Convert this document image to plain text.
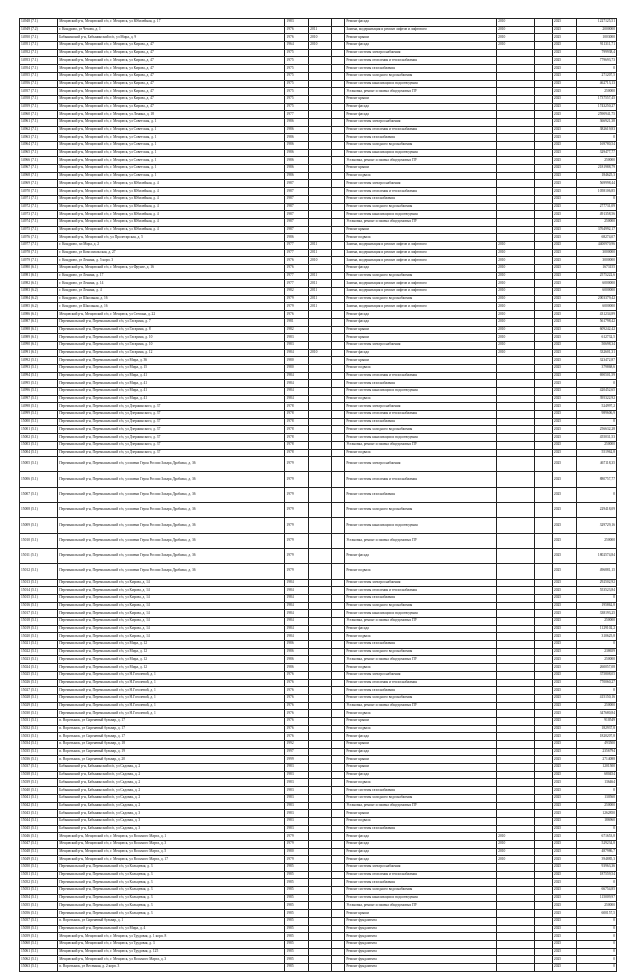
14948 (7.1)	Мещовский р-н, Мещовский г/п, г. Мещовск, ул Юбилейная, д. 17	1983			Ремонт фасада	2010		2025	1227125,51
14949 (7.2)	г. Кондрово, ул Чехова, д. 1	1976	2011		Замена, модернизация и ремонт лифтов и лифтового	2010		2025	2000000
14950 (7.1)	Бабынинский р-н, Бабынинский п/п, ул Мира, д. 9	1976	2010		Ремонт крыши	2010		2025	1003000
14951 (7.1)	Мещовский р-н, Мещовский г/п, г. Мещовск, ул Кирова, д. 47	1964	2010		Ремонт фасада	2010		2025	911311,71
14952 (7.1)	Мещовский р-н, Мещовский г/п, г. Мещовск, ул Кирова, д. 47	1975			Ремонт системы электроснабжения			2025	799938,4
14953 (7.1)	Мещовский р-н, Мещовский г/п, г. Мещовск, ул Кирова, д. 47	1975			Ремонт системы отопления и теплоснабжения			2025	779693,73
14954 (7.1)	Мещовский р-н, Мещовский г/п, г. Мещовск, ул Кирова, д. 47	1975			Ремонт системы газоснабжения			2025	0
14955 (7.1)	Мещовский р-н, Мещовский г/п, г. Мещовск, ул Кирова, д. 47	1975			Ремонт системы холодного водоснабжения			2025	271207,5
14956 (7.1)	Мещовский р-н, Мещовский г/п, г. Мещовск, ул Кирова, д. 47	1975			Ремонт системы канализации и водоотведения			2025	462713,13
14957 (7.1)	Мещовский р-н, Мещовский г/п, г. Мещовск, ул Кирова, д. 47	1975			Установка, ремонт и замена общедомовых ПУ			2025	250000
14958 (7.1)	Мещовский р-н, Мещовский г/п, г. Мещовск, ул Кирова, д. 47	1975			Ремонт крыши			2025	1737557,45
14959 (7.1)	Мещовский р-н, Мещовский г/п, г. Мещовск, ул Кирова, д. 47	1975			Ремонт фасада			2025	1743250,27
14960 (7.1)	Мещовский р-н, Мещовский г/п, г. Мещовск, ул Ленина, д. 18	1977			Ремонт фасада			2025	2590941,75
14961 (7.1)	Мещовский р-н, Мещовский г/п, г. Мещовск, ул Советская, д. 1	1986			Ремонт системы электроснабжения			2025	366921,38
14962 (7.1)	Мещовский р-н, Мещовский г/п, г. Мещовск, ул Советская, д. 1	1986			Ремонт системы отопления и теплоснабжения			2025	382619,83
14963 (7.1)	Мещовский р-н, Мещовский г/п, г. Мещовск, ул Советская, д. 1	1986			Ремонт системы газоснабжения			2025	0
14964 (7.1)	Мещовский р-н, Мещовский г/п, г. Мещовск, ул Советская, д. 1	1986			Ремонт системы холодного водоснабжения			2025	169780,54
14965 (7.1)	Мещовский р-н, Мещовский г/п, г. Мещовск, ул Советская, д. 1	1986			Ремонт системы канализации и водоотведения			2025	329477,77
14966 (7.1)	Мещовский р-н, Мещовский г/п, г. Мещовск, ул Советская, д. 1	1986			Установка, ремонт и замена общедомовых ПУ			2025	250000
14967 (7.1)	Мещовский р-н, Мещовский г/п, г. Мещовск, ул Советская, д. 1	1986			Ремонт крыши			2025	2181988,79
14968 (7.1)	Мещовский р-н, Мещовский г/п, г. Мещовск, ул Советская, д. 1	1986			Ремонт подвала			2025	184625,3
14969 (7.1)	Мещовский р-н, Мещовский г/п, г. Мещовск, ул Юбилейная, д. 4	1987			Ремонт системы электроснабжения			2025	569998,44
14970 (7.1)	Мещовский р-н, Мещовский г/п, г. Мещовск, ул Юбилейная, д. 4	1987			Ремонт системы отопления и теплоснабжения			2025	1058106,85
14971 (7.1)	Мещовский р-н, Мещовский г/п, г. Мещовск, ул Юбилейная, д. 4	1987			Ремонт системы газоснабжения			2025	0
14972 (7.1)	Мещовский р-н, Мещовский г/п, г. Мещовск, ул Юбилейная, д. 4	1987			Ремонт системы холодного водоснабжения			2025	277731,09
14973 (7.1)	Мещовский р-н, Мещовский г/п, г. Мещовск, ул Юбилейная, д. 4	1987			Ремонт системы канализации и водоотведения			2025	491358,56
14974 (7.1)	Мещовский р-н, Мещовский г/п, г. Мещовск, ул Юбилейная, д. 4	1987			Установка, ремонт и замена общедомовых ПУ			2025	250000
14975 (7.1)	Мещовский р-н, Мещовский г/п, г. Мещовск, ул Юбилейная, д. 4	1987			Ремонт крыши			2025	3764992,17
14976 (7.1)	Мещовский р-н, Мещовский г/п, ул Пролетарская, д. 5	1986			Ремонт подвала			2025	68274,07
14977 (7.1)	г. Кондрово, пл Мира, д. 2	1977	2011		Замена, модернизация и ремонт лифтов и лифтового	2010		2025	4400970,96
14978 (7.1)	г. Кондрово, ул Комсомольская, д. 27	1977	2011		Замена, модернизация и ремонт лифтов и лифтового	2010		2025	3000000
14979 (7.1)	г. Кондрово, ул Ленина, д. 5 корп. 3	1976	2010		Замена, модернизация и ремонт лифтов и лифтового	2010		2025	3000000
14980 (6.1)	Мещовский р-н, Мещовский г/п, г. Мещовск, ул Фрунзе, д. 16	1976			Ремонт фасада	2010		2025	1673155
14981 (6.1)	г. Кондрово, ул Ленина, д. 17	1977	2011		Ремонт системы холодного водоснабжения	2010		2025	2575222,6
14982 (6.1)	г. Кондрово, ул Ленина, д. 14	1977	2011		Замена, модернизация и ремонт лифтов и лифтового	2010		2025	6000000
14983 (6.2)	г. Кондрово, ул Ленина, д. 4	1982	2011		Замена, модернизация и ремонт лифтов и лифтового	2010		2025	6000000
14984 (6.2)	г. Кондрово, ул Школьная, д. 16	1979	2011		Ремонт системы холодного водоснабжения	2010		2025	2003379,42
14985 (6.2)	г. Кондрово, ул Школьная, д. 16	1979	2011		Замена, модернизация и ремонт лифтов и лифтового	2010		2025	6000000
14986 (6.1)	Мещовский р-н, Мещовский г/п, г. Мещовск, ул Степана, д. 22	1976			Ремонт фасада	2010		2025	431234,89
14987 (6.1)	Перемышльский р-н, Перемышльский г/п, ул Гагарина, д. 7	1981			Ремонт фасада	2010		2025	561798,42
14988 (6.1)	Перемышльский р-н, Перемышльский г/п, ул Гагарина, д. 8	1982			Ремонт крыши	2010		2025	609242,42
14989 (6.1)	Перемышльский р-н, Перемышльский г/п, ул Гагарина, д. 10	1983			Ремонт крыши	2010		2025	612732,5
14990 (6.1)	Перемышльский р-н, Перемышльский г/п, ул Гагарина, д. 10	1983			Ремонт системы электроснабжения	2010		2025	50698,34
14991 (6.1)	Перемышльский р-н, Перемышльский г/п, ул Гагарина, д. 12	1984	2010		Ремонт фасада	2010		2025	332601,31
14992 (5.1)	Перемышльский р-н, Перемышльский г/п, ул Мира, д. 36	1980			Ремонт крыши			2025	323472,87
14993 (5.1)	Перемышльский р-н, Перемышльский г/п, ул Мира, д. 15	1980			Ремонт подвала			2025	379868,6
14994 (5.1)	Перемышльский р-н, Перемышльский г/п, ул Мира, д. 41	1984			Ремонт системы отопления и теплоснабжения			2025	690501,59
14995 (5.1)	Перемышльский р-н, Перемышльский г/п, ул Мира, д. 41	1984			Ремонт системы газоснабжения			2025	0
14996 (5.1)	Перемышльский р-н, Перемышльский г/п, ул Мира, д. 41	1984			Ремонт системы канализации и водоотведения			2025	420452,65
14997 (5.1)	Перемышльский р-н, Перемышльский г/п, ул Мира, д. 41	1984			Ремонт подвала			2025	395322,92
14998 (5.1)	Перемышльский р-н, Перемышльский г/п, ул Дзержинского, д. 37	1978			Ремонт системы электроснабжения			2025	524997,2
14999 (5.1)	Перемышльский р-н, Перемышльский г/п, ул Дзержинского, д. 37	1978			Ремонт системы отопления и теплоснабжения			2025	989606,9
15000 (5.1)	Перемышльский р-н, Перемышльский г/п, ул Дзержинского, д. 37	1978			Ремонт системы газоснабжения			2025	0
15001 (5.1)	Перемышльский р-н, Перемышльский г/п, ул Дзержинского, д. 37	1978			Ремонт системы холодного водоснабжения			2025	256632,28
15002 (5.1)	Перемышльский р-н, Перемышльский г/п, ул Дзержинского, д. 37	1978			Ремонт системы канализации и водоотведения			2025	455031,53
15003 (5.1)	Перемышльский р-н, Перемышльский г/п, ул Дзержинского, д. 37	1978			Установка, ремонт и замена общедомовых ПУ			2025	250000
15004 (5.1)	Перемышльский р-н, Перемышльский г/п, ул Дзержинского, д. 37	1978			Ремонт подвала			2025	551962,8
15005 (5.1)	Перемышльский р-н, Перемышльский г/п, ул имени Героя России Захара Дробязко, д. 36	1979			Ремонт системы электроснабжения			2025	467118,35
15006 (5.1)	Перемышльский р-н, Перемышльский г/п, ул имени Героя России Захара Дробязко, д. 36	1979			Ремонт системы отопления и теплоснабжения			2025	880757,77
15007 (5.1)	Перемышльский р-н, Перемышльский г/п, ул имени Героя России Захара Дробязко, д. 36	1979			Ремонт системы газоснабжения			2025	0
15008 (5.1)	Перемышльский р-н, Перемышльский г/п, ул имени Героя России Захара Дробязко, д. 36	1979			Ремонт системы холодного водоснабжения			2025	229418,09
15009 (5.1)	Перемышльский р-н, Перемышльский г/п, ул имени Героя России Захара Дробязко, д. 36	1979			Ремонт системы канализации и водоотведения			2025	329729,16
15010 (5.1)	Перемышльский р-н, Перемышльский г/п, ул имени Героя России Захара Дробязко, д. 36	1979			Установка, ремонт и замена общедомовых ПУ			2025	250000
15011 (5.1)	Перемышльский р-н, Перемышльский г/п, ул имени Героя России Захара Дробязко, д. 36	1979			Ремонт фасада			2025	1802574,84
15012 (5.1)	Перемышльский р-н, Перемышльский г/п, ул имени Героя России Захара Дробязко, д. 36	1979			Ремонт подвала			2025	496881,15
15013 (5.1)	Перемышльский р-н, Перемышльский г/п, ул Кирова, д. 14	1984			Ремонт системы электроснабжения			2025	292502,92
15014 (5.1)	Перемышльский р-н, Перемышльский г/п, ул Кирова, д. 14	1984			Ремонт системы отопления и теплоснабжения			2025	553523,84
15015 (5.1)	Перемышльский р-н, Перемышльский г/п, ул Кирова, д. 14	1984			Ремонт системы газоснабжения			2025	0
15016 (5.1)	Перемышльский р-н, Перемышльский г/п, ул Кирова, д. 14	1984			Ремонт системы холодного водоснабжения			2025	195862,8
15017 (5.1)	Перемышльский р-н, Перемышльский г/п, ул Кирова, д. 14	1984			Ремонт системы канализации и водоотведения			2025	338193,25
15018 (5.1)	Перемышльский р-н, Перемышльский г/п, ул Кирова, д. 14	1984			Установка, ремонт и замена общедомовых ПУ			2025	250000
15019 (5.1)	Перемышльский р-н, Перемышльский г/п, ул Кирова, д. 14	1984			Ремонт фасада			2025	1129102,2
15020 (5.1)	Перемышльский р-н, Перемышльский г/п, ул Кирова, д. 14	1984			Ремонт подвала			2025	310625,8
15021 (5.1)	Перемышльский р-н, Перемышльский г/п, ул Мира, д. 12	1986			Ремонт системы газоснабжения			2025	0
15022 (5.1)	Перемышльский р-н, Перемышльский г/п, ул Мира, д. 12	1986			Ремонт системы холодного водоснабжения			2025	238659
15023 (5.1)	Перемышльский р-н, Перемышльский г/п, ул Мира, д. 12	1986			Установка, ремонт и замена общедомовых ПУ			2025	250000
15024 (5.1)	Перемышльский р-н, Перемышльский г/п, ул Мира, д. 12	1986			Ремонт подвала			2025	260057,08
15025 (5.1)	Перемышльский р-н, Перемышльский г/п, ул Н.Гоголевой, д. 1	1976			Ремонт системы электроснабжения			2025	375808,05
15026 (5.1)	Перемышльский р-н, Перемышльский г/п, ул Н.Гоголевой, д. 1	1976			Ремонт системы отопления и теплоснабжения			2025	770060,27
15027 (5.1)	Перемышльский р-н, Перемышльский г/п, ул Н.Гоголевой, д. 1	1976			Ремонт системы газоснабжения			2025	0
15028 (5.1)	Перемышльский р-н, Перемышльский г/п, ул Н.Гоголевой, д. 1	1976			Ремонт системы холодного водоснабжения			2025	415150,16
15029 (5.1)	Перемышльский р-н, Перемышльский г/п, ул Н.Гоголевой, д. 1	1976			Установка, ремонт и замена общедомовых ПУ			2025	250000
15030 (5.1)	Перемышльский р-н, Перемышльский г/п, ул Н.Гоголевой, д. 1	1976			Ремонт подвала			2025	347680,84
15031 (5.1)	п. Воротынск, ул Сиреневый бульвар, д. 17	1976			Ремонт крыши			2025	910549
15032 (5.1)	п. Воротынск, ул Сиреневый бульвар, д. 17	1976			Ремонт подвала			2025	182937,8
15033 (5.1)	п. Воротынск, ул Сиреневый бульвар, д. 17	1976			Ремонт фасада			2025	1820207,8
15034 (5.1)	п. Воротынск, ул Сиреневый бульвар, д. 18	1992			Ремонт крыши			2025	493500
15035 (5.1)	п. Воротынск, ул Сиреневый бульвар, д. 19	1997			Ремонт фасада			2025	2356794
15036 (5.1)	п. Воротынск, ул Сиреневый бульвар, д. 20	1999			Ремонт крыши			2025	2714088
15037 (5.1)	Бабынинский р-н, Бабынинский п/п, ул Садовая, д. 2	1983			Ремонт крыши			2025	1201500
15038 (5.1)	Бабынинский р-н, Бабынинский п/п, ул Садовая, д. 2	1983			Ремонт фасада			2025	680454
15039 (5.1)	Бабынинский р-н, Бабынинский п/п, ул Садовая, д. 2	1983			Ремонт подвала			2025	136464
15040 (5.1)	Бабынинский р-н, Бабынинский п/п, ул Садовая, д. 2	1983			Ремонт системы газоснабжения			2025	0
15041 (5.1)	Бабынинский р-н, Бабынинский п/п, ул Садовая, д. 2	1983			Ремонт системы холодного водоснабжения			2025	130560
15042 (5.1)	Бабынинский р-н, Бабынинский п/п, ул Садовая, д. 2	1983			Установка, ремонт и замена общедомовых ПУ			2025	250000
15043 (5.1)	Бабынинский р-н, Бабынинский п/п, ул Садовая, д. 3	1983			Ремонт крыши			2025	1262850
15044 (5.1)	Бабынинский р-н, Бабынинский п/п, ул Садовая, д. 3	1983			Ремонт подвала			2025	186960
15045 (5.1)	Бабынинский р-н, Бабынинский п/п, ул Садовая, д. 3	1983			Ремонт системы газоснабжения			2025	0
15046 (5.1)	Мещовский р-н, Мещовский г/п, г. Мещовск, ул Восьмого Марта, д. 1	1979			Ремонт фасада	2010		2025	671653,8
15047 (5.1)	Мещовский р-н, Мещовский г/п, г. Мещовск, ул Восьмого Марта, д. 3	1979			Ремонт фасада	2010		2025	529234,8
15048 (5.1)	Мещовский р-н, Мещовский г/п, г. Мещовск, ул Восьмого Марта, д. 5	1980			Ремонт фасада	2010		2025	487986,7
15049 (5.1)	Мещовский р-н, Мещовский г/п, г. Мещовск, ул Восьмого Марта, д. 17	1979			Ремонт фасада	2010		2025	394885,3
15050 (5.1)	Перемышльский р-н, Перемышльский г/п, ул Кольцевая, д. 3	1985			Ремонт системы электроснабжения			2025	93963,36
15051 (5.1)	Перемышльский р-н, Перемышльский г/п, ул Кольцевая, д. 3	1985			Ремонт системы отопления и теплоснабжения			2025	187559,54
15052 (5.1)	Перемышльский р-н, Перемышльский г/п, ул Кольцевая, д. 3	1985			Ремонт системы газоснабжения			2025	0
15053 (5.1)	Перемышльский р-н, Перемышльский г/п, ул Кольцевая, д. 3	1985			Ремонт системы холодного водоснабжения			2025	66754,85
15054 (5.1)	Перемышльский р-н, Перемышльский г/п, ул Кольцевая, д. 3	1985			Ремонт системы канализации и водоотведения			2025	115009,97
15055 (5.1)	Перемышльский р-н, Перемышльский г/п, ул Кольцевая, д. 3	1985			Установка, ремонт и замена общедомовых ПУ			2025	250000
15056 (5.1)	Перемышльский р-н, Перемышльский г/п, ул Кольцевая, д. 3	1985			Ремонт крыши			2025	600157,5
15057 (5.1)	п. Воротынск, ул Сиреневый бульвар, д. 1	1985			Ремонт фундамента			2025	0
15058 (5.1)	Перемышльский р-н, Перемышльский г/п, ул Мира, д. 4	1985			Ремонт фундамента			2025	0
15059 (5.1)	Мещовский р-н, Мещовский г/п, г. Мещовск, ул Трудовая, д. 1 корп. 8	1985			Ремонт фундамента			2025	0
15060 (5.1)	Мещовский р-н, Мещовский г/п, г. Мещовск, ул Трудовая, д. 3	1985			Ремонт фундамента			2025	0
15061 (5.1)	Мещовский р-н, Мещовский г/п, г. Мещовск, ул Трудовая, д. 125	1985			Ремонт фундамента			2025	0
15062 (5.1)	Мещовский р-н, Мещовский г/п, г. Мещовск, ул Восьмого Марта, д. 3	1985			Ремонт фундамента			2025	0
15063 (5.1)	п. Воротынск, ул Весенняя, д. 2 корп. 3	1985			Ремонт фундамента			2025	0
